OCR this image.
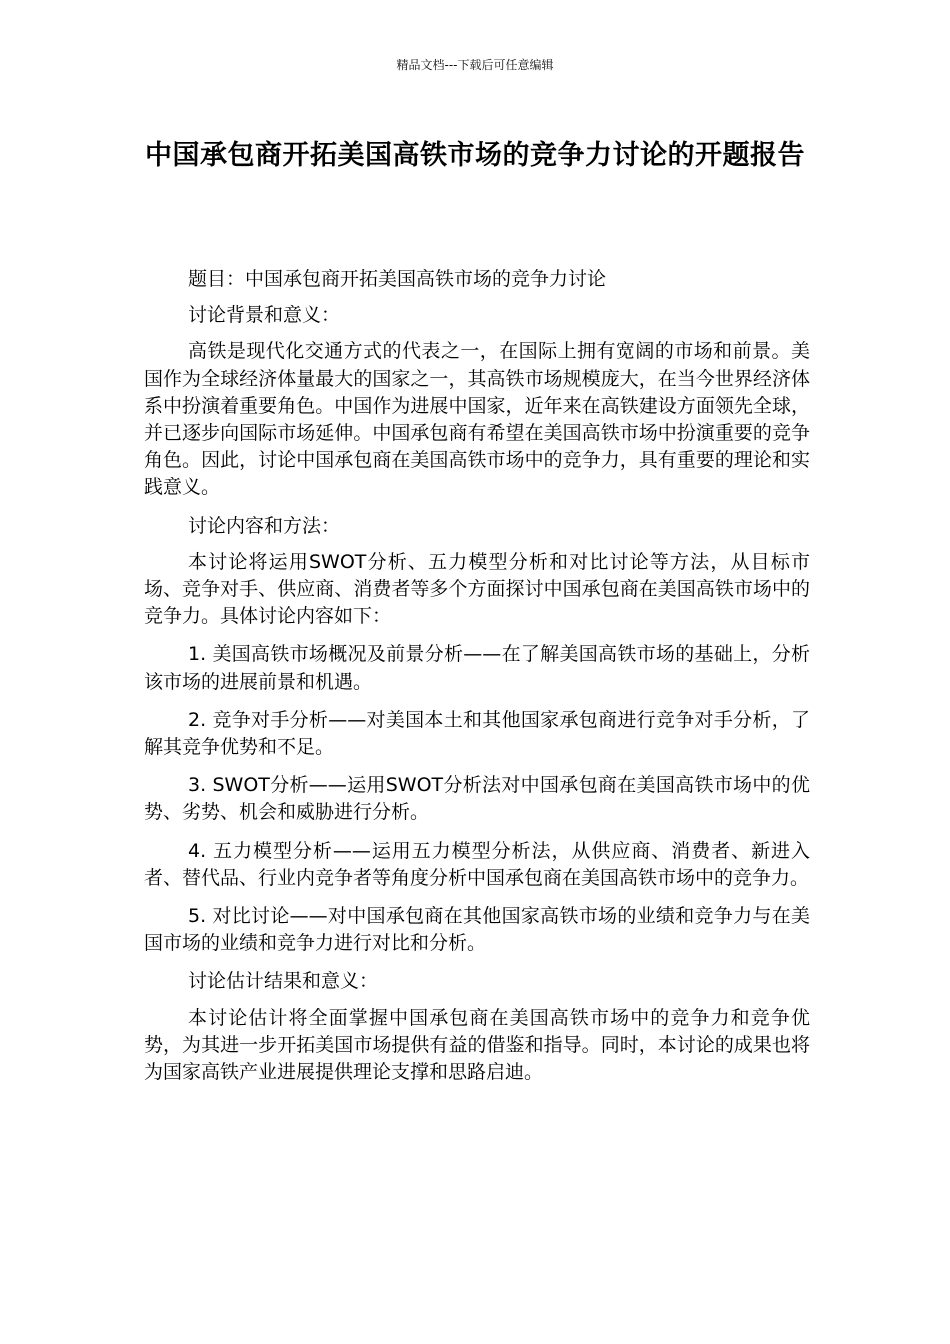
精品文档---下载后可任意编辑
中国承包商开拓美国高铁市场的竞争力讨论的开题报告

题目：中国承包商开拓美国高铁市场的竞争力讨论

讨论背景和意义：

高铁是现代化交通方式的代表之一，在国际上拥有宽阔的市场和前景。美国作为全球经济体量最大的国家之一，其高铁市场规模庞大，在当今世界经济体系中扮演着重要角色。中国作为进展中国家，近年来在高铁建设方面领先全球，并已逐步向国际市场延伸。中国承包商有希望在美国高铁市场中扮演重要的竞争角色。因此，讨论中国承包商在美国高铁市场中的竞争力，具有重要的理论和实践意义。

讨论内容和方法：

本讨论将运用SWOT分析、五力模型分析和对比讨论等方法，从目标市场、竞争对手、供应商、消费者等多个方面探讨中国承包商在美国高铁市场中的竞争力。具体讨论内容如下：

1. 美国高铁市场概况及前景分析——在了解美国高铁市场的基础上，分析该市场的进展前景和机遇。

2. 竞争对手分析——对美国本土和其他国家承包商进行竞争对手分析，了解其竞争优势和不足。

3. SWOT分析——运用SWOT分析法对中国承包商在美国高铁市场中的优势、劣势、机会和威胁进行分析。

4. 五力模型分析——运用五力模型分析法，从供应商、消费者、新进入者、替代品、行业内竞争者等角度分析中国承包商在美国高铁市场中的竞争力。

5. 对比讨论——对中国承包商在其他国家高铁市场的业绩和竞争力与在美国市场的业绩和竞争力进行对比和分析。

讨论估计结果和意义：

本讨论估计将全面掌握中国承包商在美国高铁市场中的竞争力和竞争优势，为其进一步开拓美国市场提供有益的借鉴和指导。同时，本讨论的成果也将为国家高铁产业进展提供理论支撑和思路启迪。
